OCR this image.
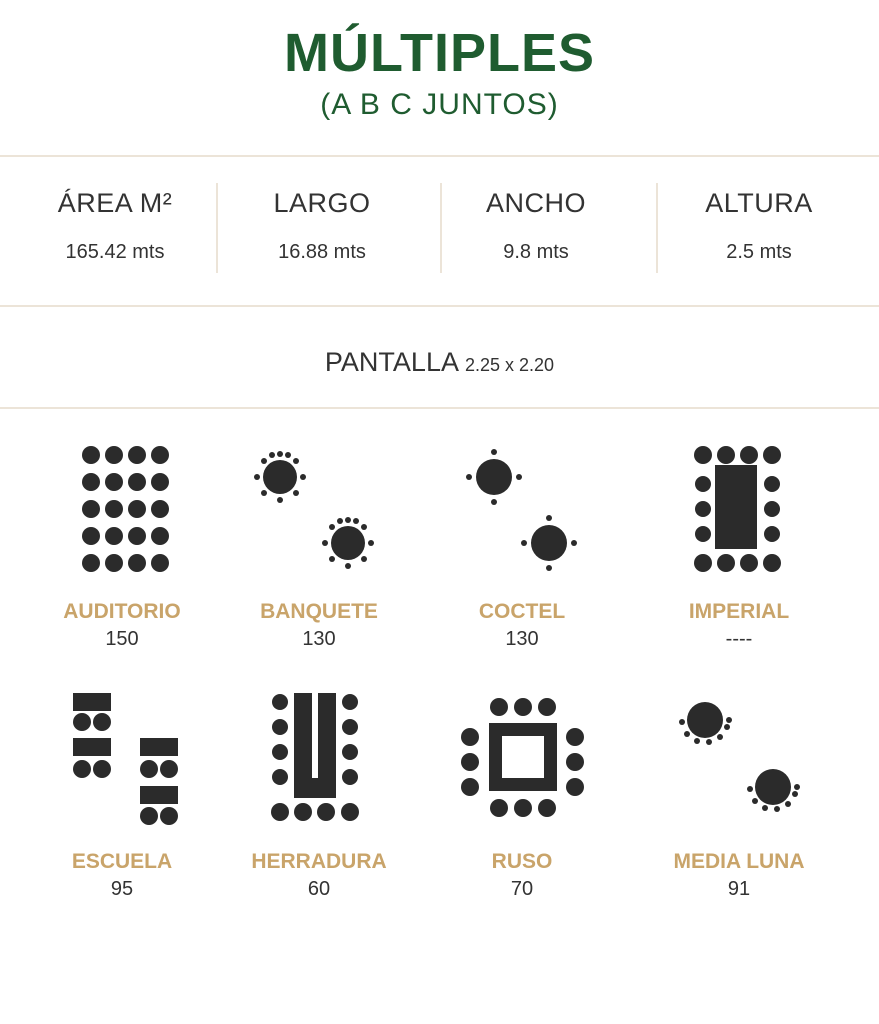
MÚLTIPLES
(A B C JUNTOS)
ÁREA M²
165.42 mts
LARGO
16.88 mts
ANCHO
9.8 mts
ALTURA
2.5 mts
PANTALLA 2.25 x 2.20
AUDITORIO
150
BANQUETE
130
COCTEL
130
IMPERIAL
----
ESCUELA
95
HERRADURA
60
RUSO
70
MEDIA LUNA
91
